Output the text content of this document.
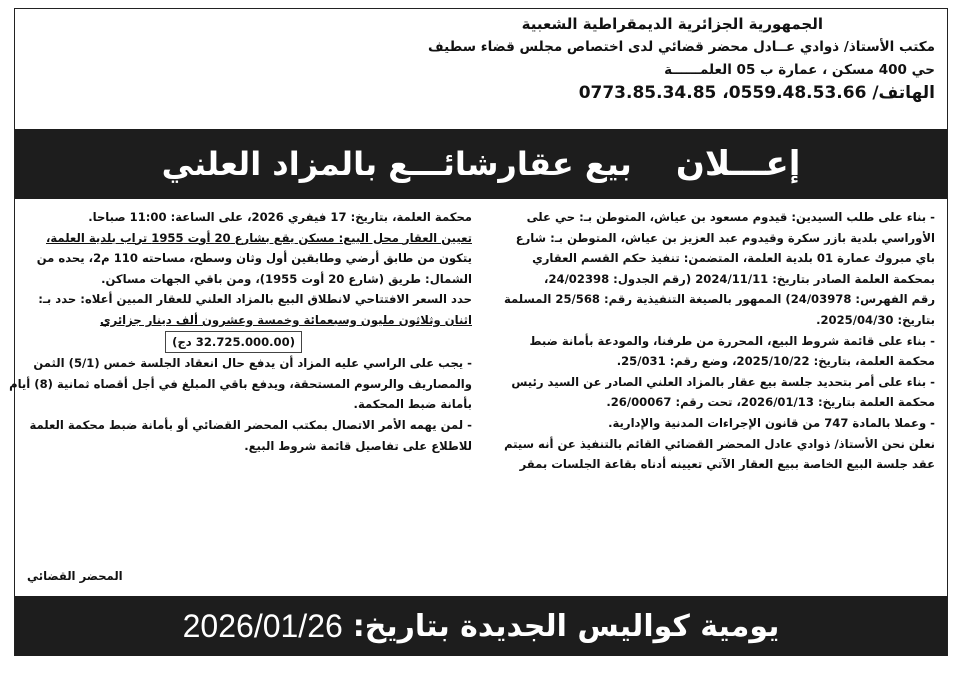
الجمهورية الجزائرية الديمقراطية الشعبية
مكتب الأستاذ/ ذوادي عــادل محضر قضائي لدى اختصاص مجلس قضاء سطيف
حي 400 مسكن ، عمارة ب 05 العلمــــــة
الهاتف/ 0559.48.53.66، 0773.85.34.85
إعـــلان
بيع عقارشائـــع بالمزاد العلني

- بناء على طلب السيدين: قيدوم مسعود بن عياش، المتوطن بـ: حي على

الأوراسي بلدية بازر سكرة وقيدوم عبد العزيز بن عياش، المتوطن بـ: شارع

باي مبروك عمارة 01 بلدية العلمة، المتضمن: تنفيذ حكم القسم العقاري

بمحكمة العلمة الصادر بتاريخ: 2024/11/11 (رقم الجدول: 24/02398،

رقم الفهرس: 24/03978) الممهور بالصيغة التنفيذية رقم: 25/568 المسلمة

بتاريخ: 2025/04/30.

- بناء على قائمة شروط البيع، المحررة من طرفنا، والمودعة بأمانة ضبط

محكمة العلمة، بتاريخ: 2025/10/22، وضع رقم: 25/031.

- بناء على أمر بتحديد جلسة بيع عقار بالمزاد العلني الصادر عن السيد رئيس

محكمة العلمة بتاريخ: 2026/01/13، تحت رقم: 26/00067.

- وعملا بالمادة 747 من قانون الإجراءات المدنية والإدارية.

نعلن نحن الأستاذ/ ذوادي عادل المحضر القضائي القائم بالتنفيذ عن أنه سيتم

عقد جلسة البيع الخاصة ببيع العقار الآتي تعيينه أدناه بقاعة الجلسات بمقر

محكمة العلمة، بتاريخ: 17 فيفري 2026، على الساعة: 11:00 صباحا.

تعيين العقار محل البيع: مسكن يقع بشارع 20 أوت 1955 تراب بلدية العلمة،

يتكون من طابق أرضي وطابقين أول وثان وسطح، مساحته 110 م2، يحده من

الشمال: طريق (شارع 20 أوت 1955)، ومن باقي الجهات مساكن.

حدد السعر الافتتاحي لانطلاق البيع بالمزاد العلني للعقار المبين أعلاه: حدد بـ:

اثنان وثلاثون مليون وسبعمائة وخمسة وعشرون ألف دينار جزائري

(32.725.000.00 دج)

- يجب على الراسي عليه المزاد أن يدفع حال انعقاد الجلسة خمس (5/1) الثمن

والمصاريف والرسوم المستحقة، ويدفع باقي المبلغ في أجل أقصاه ثمانية (8) أيام

بأمانة ضبط المحكمة.

- لمن يهمه الأمر الاتصال بمكتب المحضر القضائي أو بأمانة ضبط محكمة العلمة

للاطلاع على تفاصيل قائمة شروط البيع.

المحضر القضائي
يومية كواليس الجديدة بتاريخ:
2026/01/26
